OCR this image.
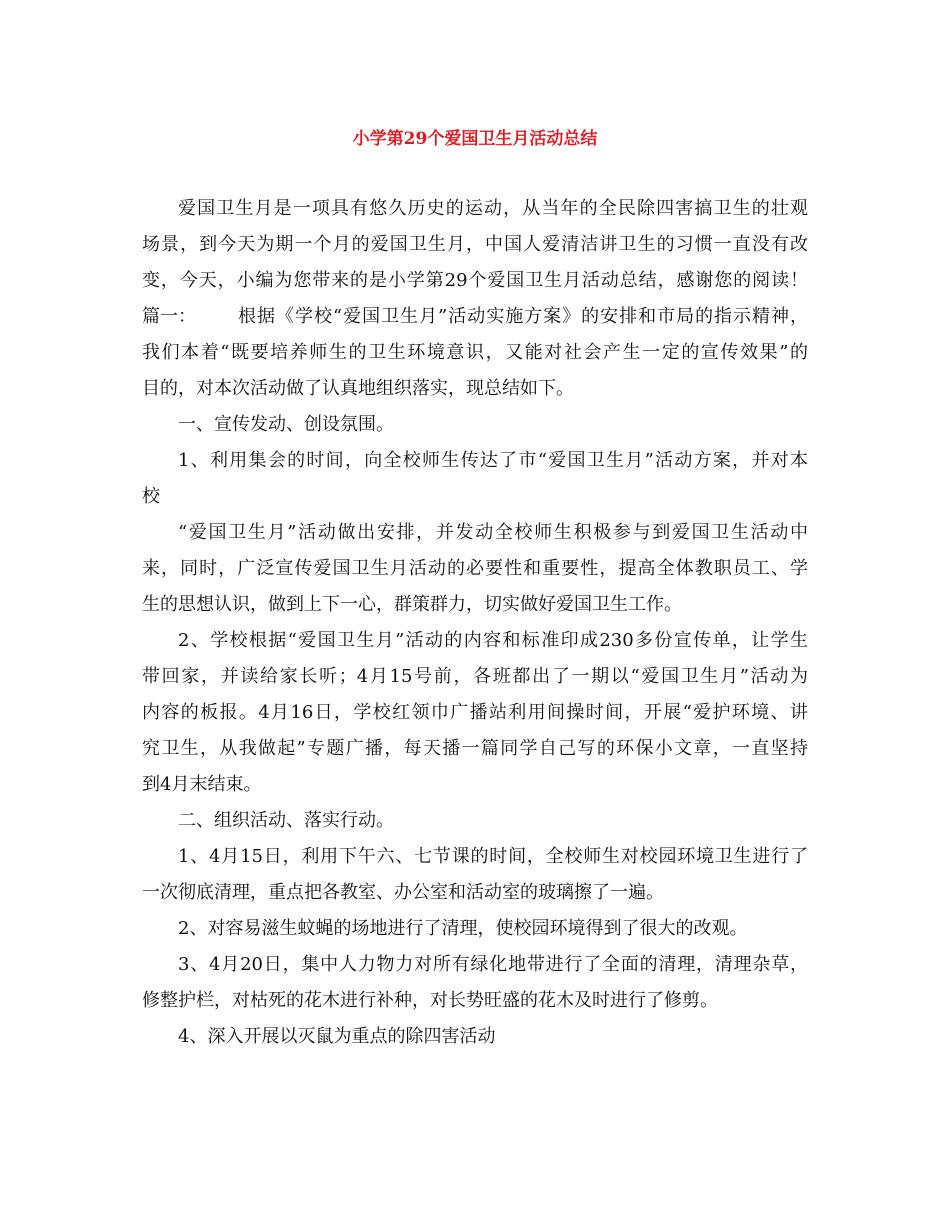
小学第29个爱国卫生月活动总结
爱国卫生月是一项具有悠久历史的运动，从当年的全民除四害搞卫生的壮观
场景，到今天为期一个月的爱国卫生月，中国人爱清洁讲卫生的习惯一直没有改
变，今天，小编为您带来的是小学第29个爱国卫生月活动总结，感谢您的阅读！
篇一： 根据《学校“爱国卫生月”活动实施方案》的安排和市局的指示精神，
我们本着“既要培养师生的卫生环境意识，又能对社会产生一定的宣传效果”的
目的，对本次活动做了认真地组织落实，现总结如下。
一、宣传发动、创设氛围。
1、利用集会的时间，向全校师生传达了市“爱国卫生月”活动方案，并对本
校
“爱国卫生月”活动做出安排，并发动全校师生积极参与到爱国卫生活动中
来，同时，广泛宣传爱国卫生月活动的必要性和重要性，提高全体教职员工、学
生的思想认识，做到上下一心，群策群力，切实做好爱国卫生工作。
2、学校根据“爱国卫生月”活动的内容和标准印成230多份宣传单，让学生
带回家，并读给家长听；4月15号前，各班都出了一期以“爱国卫生月”活动为
内容的板报。4月16日，学校红领巾广播站利用间操时间，开展“爱护环境、讲
究卫生，从我做起”专题广播，每天播一篇同学自己写的环保小文章，一直坚持
到4月末结束。
二、组织活动、落实行动。
1、4月15日，利用下午六、七节课的时间，全校师生对校园环境卫生进行了
一次彻底清理，重点把各教室、办公室和活动室的玻璃擦了一遍。
2、对容易滋生蚊蝇的场地进行了清理，使校园环境得到了很大的改观。
3、4月20日，集中人力物力对所有绿化地带进行了全面的清理，清理杂草，
修整护栏，对枯死的花木进行补种，对长势旺盛的花木及时进行了修剪。
4、深入开展以灭鼠为重点的除四害活动
